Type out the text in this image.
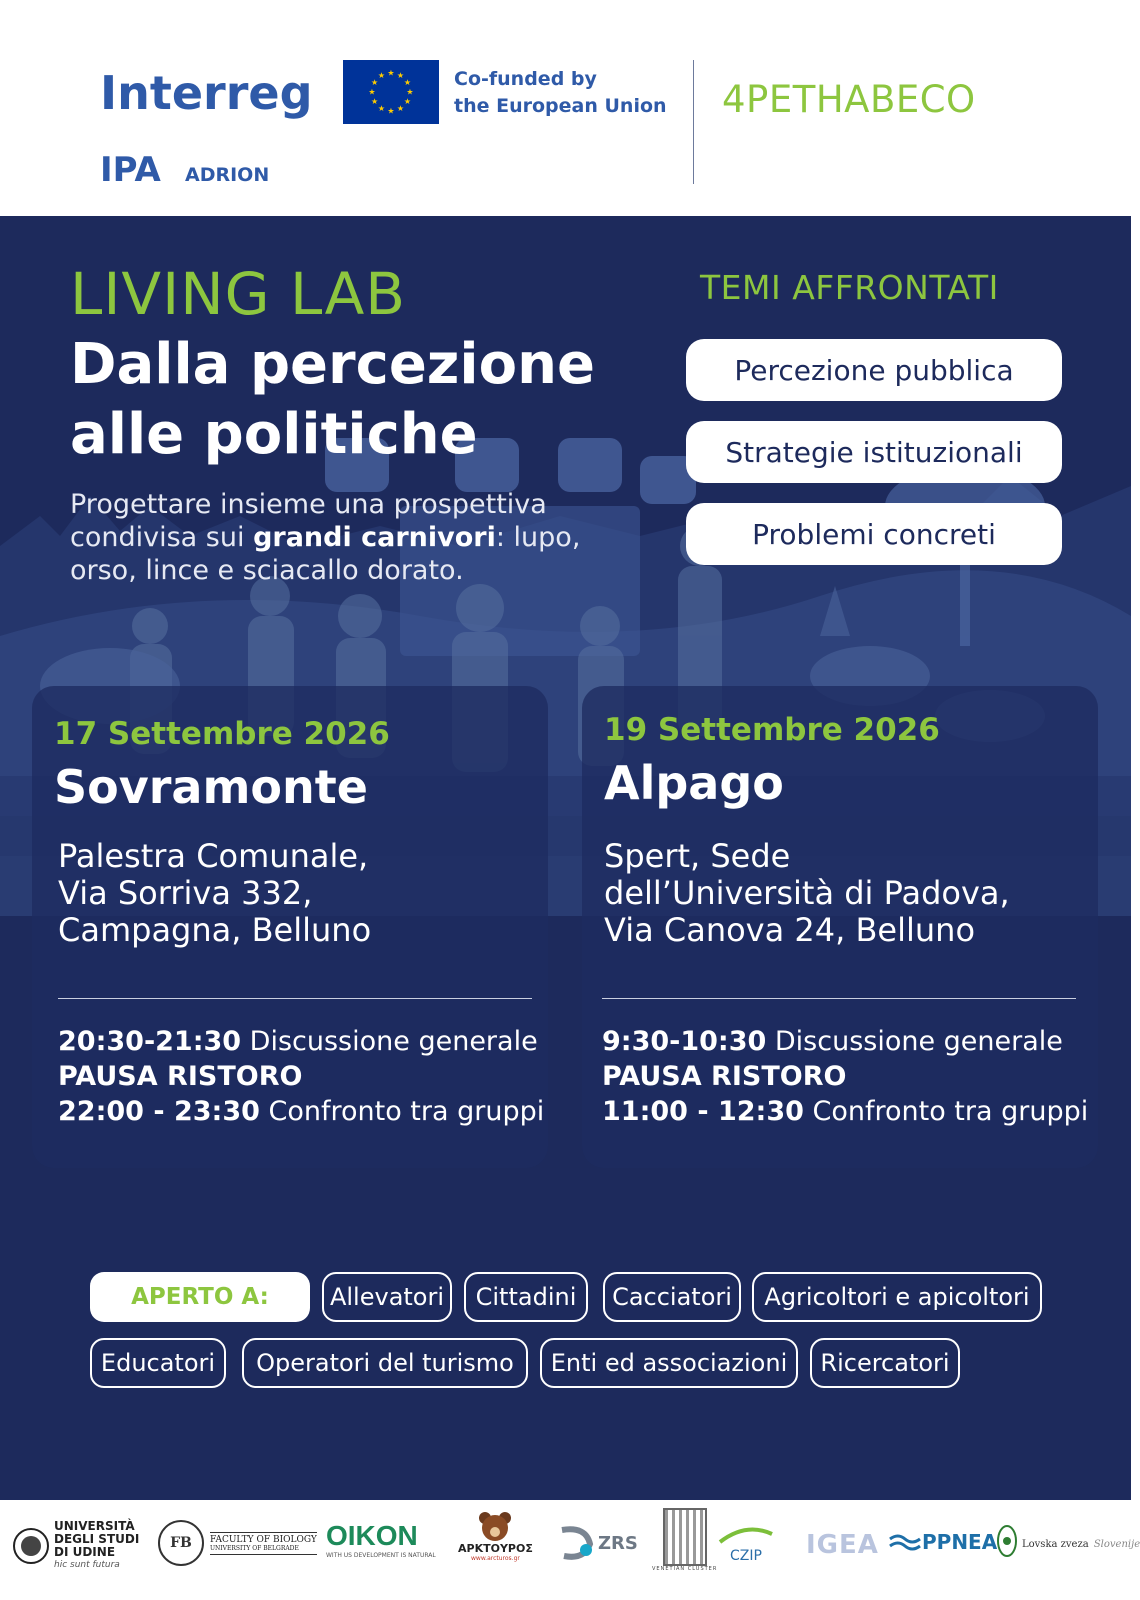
Interreg
IPA ADRION
★ ★
★
★
★
★
★
★
★
★
★
★	Co-funded by
the European Union 4PETHABECO
LIVING LAB
Dalla percezione
alle politiche
Progettare insieme una prospettiva condivisa sui grandi carnivori: lupo, orso, lince e sciacallo dorato.
TEMI AFFRONTATI
Percezione pubblica
Strategie istituzionali
Problemi concreti
17 Settembre 2026
Sovramonte
Palestra Comunale,
Via Sorriva 332,
Campagna, Belluno
20:30-21:30 Discussione generale
PAUSA RISTORO
22:00 - 23:30 Confronto tra gruppi
19 Settembre 2026
Alpago
Spert, Sede
dell’Università di Padova,
Via Canova 24, Belluno
9:30-10:30 Discussione generale
PAUSA RISTORO
11:00 - 12:30 Confronto tra gruppi
APERTO A:	Allevatori	Cittadini	Cacciatori	Agricoltori e apicoltori
Educatori	Operatori del turismo	Enti ed associazioni	Ricercatori
UNIVERSITÀ
DEGLI STUDI
DI UDINE
hic sunt futura
FB	FACULTY OF BIOLOGY
UNIVERSITY OF BELGRADE OIKON
WITH US DEVELOPMENT IS NATURAL
ΑΡΚΤΟΥΡΟΣ
www.arcturos.gr
ZRS
VENETIAN CLUSTER
CZIP IGEA PPNEA Lovska zveza Slovenije
